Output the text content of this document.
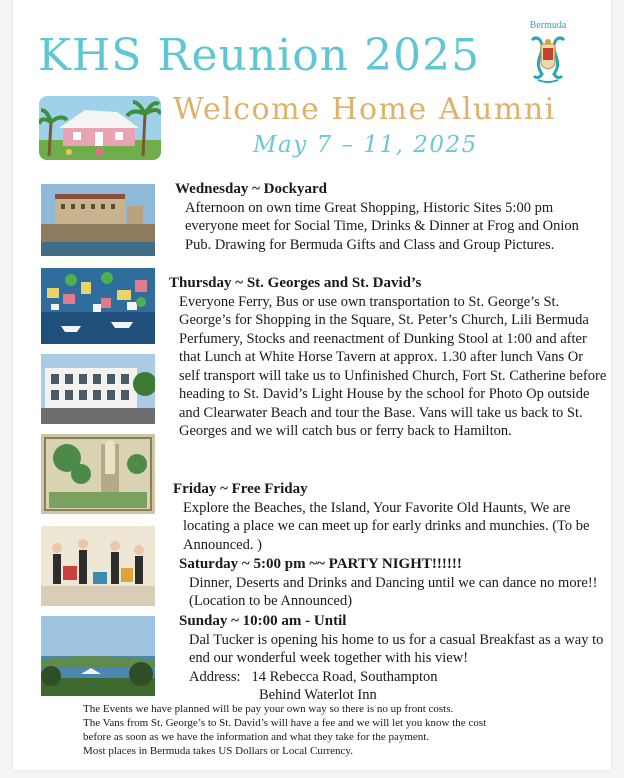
KHS Reunion 2025
Bermuda
Welcome Home Alumni

May 7 – 11, 2025

Wednesday ~ Dockyard
Afternoon on own time Great Shopping, Historic Sites 5:00 pm everyone meet for Social Time, Drinks & Dinner at Frog and Onion Pub. Drawing for Bermuda Gifts and Class and Group Pictures.
Thursday ~ St. Georges and St. David’s
Everyone Ferry, Bus or use own transportation to St. George’s St. George’s for Shopping in the Square, St. Peter’s Church, Lili Bermuda Perfumery, Stocks and reenactment of Dunking Stool at 1:00 and after that Lunch at White Horse Tavern at approx. 1.30 after lunch Vans Or self transport will take us to Unfinished Church, Fort St. Catherine before heading to St. David’s Light House by the school for Photo Op outside and Clearwater Beach and tour the Base. Vans will take us back to St. Georges and we will catch bus or ferry back to Hamilton.
Friday ~ Free Friday
Explore the Beaches, the Island, Your Favorite Old Haunts, We are locating a place we can meet up for early drinks and munchies. (To be Announced. )
Saturday ~ 5:00 pm ~~ PARTY NIGHT!!!!!!
Dinner, Deserts and Drinks and Dancing until we can dance no more!! (Location to be Announced)
Sunday ~ 10:00 am - Until
Dal Tucker is opening his home to us for a casual Breakfast as a way to end our wonderful week together with his view!
Address: 14 Rebecca Road, Southampton
Behind Waterlot Inn

The Events we have planned will be pay your own way so there is no up front costs.

The Vans from St. George’s to St. David’s will have a fee and we will let you know the cost

before as soon as we have the information and what they take for the payment.

Most places in Bermuda takes US Dollars or Local Currency.
